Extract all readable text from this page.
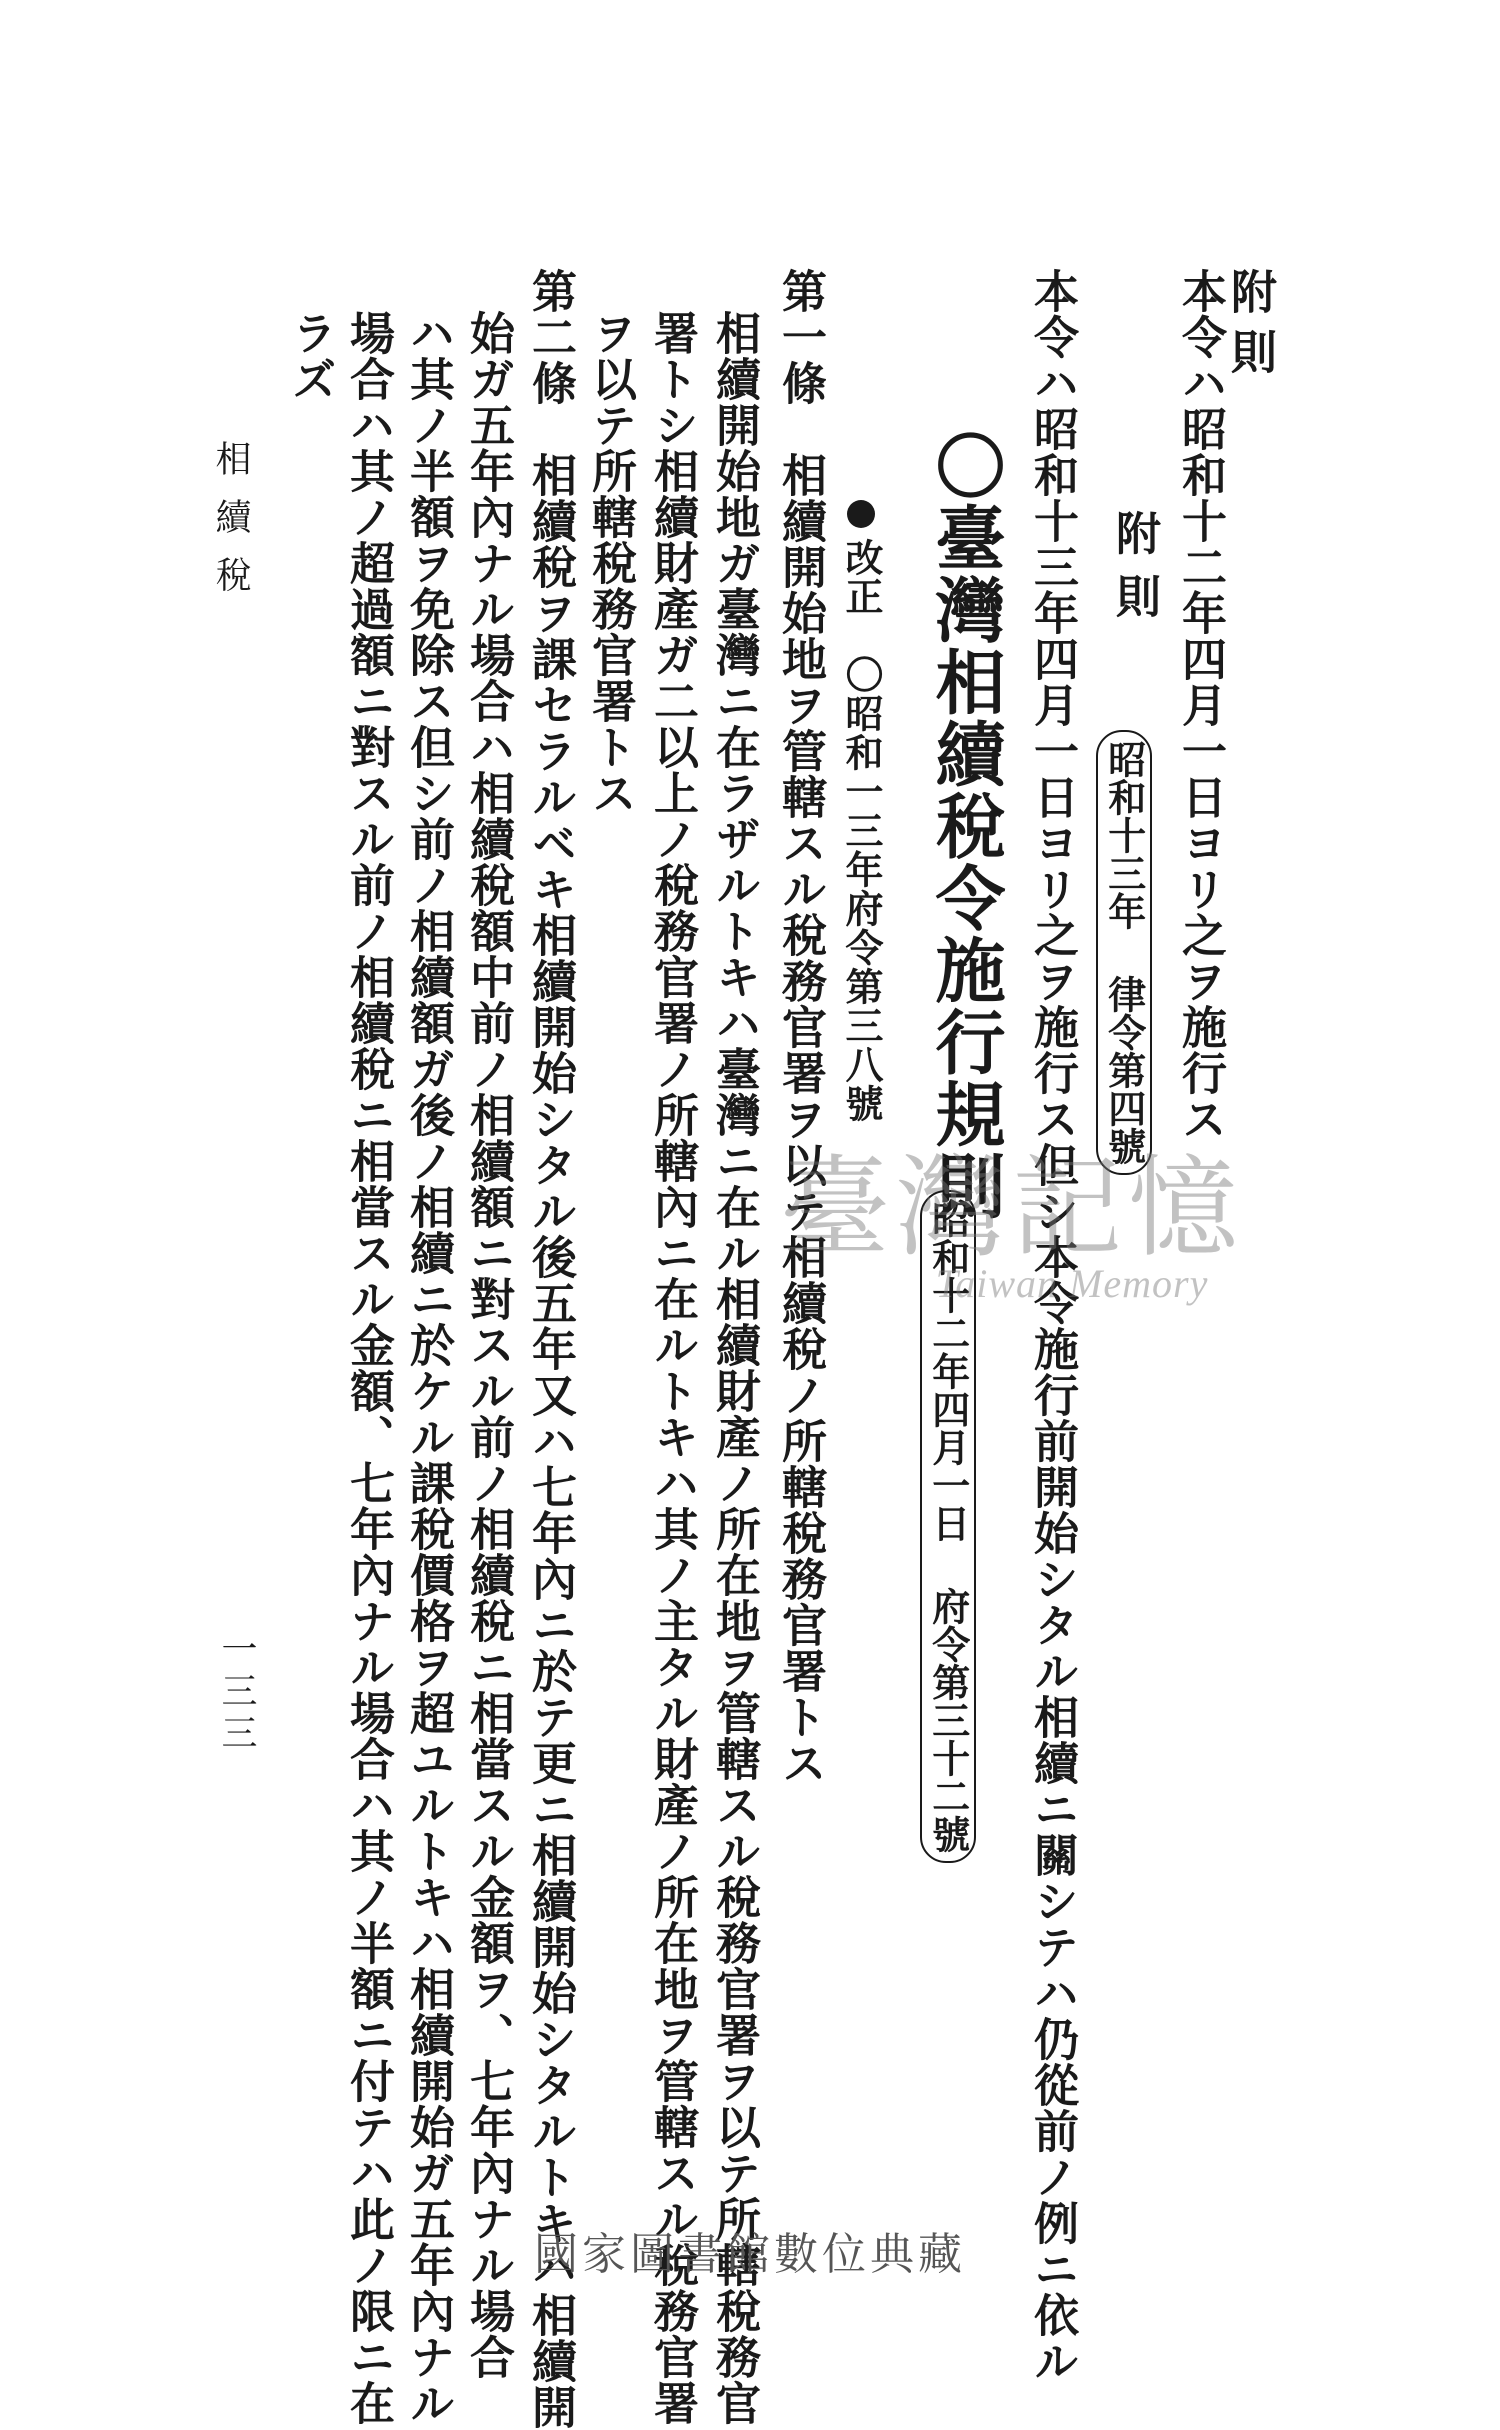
附則
本令ハ昭和十二年四月一日ヨリ之ヲ施行ス
附則
昭和十三年 律令第四號
本令ハ昭和十三年四月一日ヨリ之ヲ施行ス但シ本令施行前開始シタル相續ニ關シテハ仍從前ノ例ニ依ル
〇臺灣相續稅令施行規則
昭和十二年四月一日 府令第三十二號
改正　〇昭和一三年府令第三八號
第一條　相續開始地ヲ管轄スル稅務官署ヲ以テ相續稅ノ所轄稅務官署トス
相續開始地ガ臺灣ニ在ラザルトキハ臺灣ニ在ル相續財產ノ所在地ヲ管轄スル稅務官署ヲ以テ所轄稅務官
署トシ相續財產ガ二以上ノ稅務官署ノ所轄內ニ在ルトキハ其ノ主タル財產ノ所在地ヲ管轄スル稅務官署
ヲ以テ所轄稅務官署トス
第二條　相續稅ヲ課セラルベキ相續開始シタル後五年又ハ七年內ニ於テ更ニ相續開始シタルトキハ相續開
始ガ五年內ナル場合ハ相續稅額中前ノ相續額ニ對スル前ノ相續稅ニ相當スル金額ヲ、七年內ナル場合
ハ其ノ半額ヲ免除ス但シ前ノ相續額ガ後ノ相續ニ於ケル課稅價格ヲ超ユルトキハ相續開始ガ五年內ナル
場合ハ其ノ超過額ニ對スル前ノ相續稅ニ相當スル金額、七年內ナル場合ハ其ノ半額ニ付テハ此ノ限ニ在
ラズ
相續稅
一三三
臺灣記憶
Taiwan Memory
國家圖書館數位典藏
